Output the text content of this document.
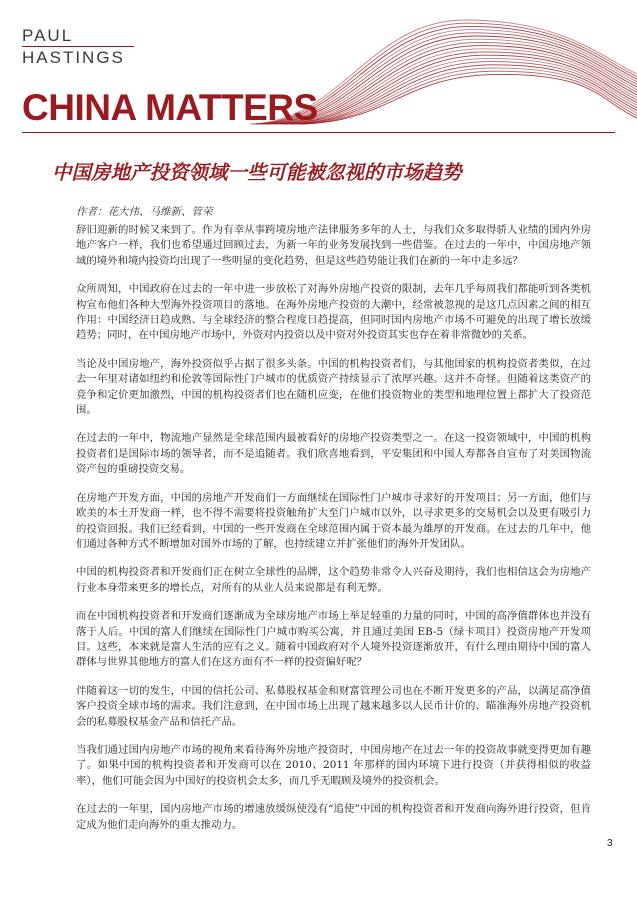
PAUL
HASTINGS
CHINA MATTERS
中国房地产投资领域一些可能被忽视的市场趋势
作者：花大伟、马维新、管荣

辞旧迎新的时候又来到了。作为有幸从事跨境房地产法律服务多年的人士，与我们众多取得骄人业绩的国内外房地产客户一样，我们也希望通过回顾过去，为新一年的业务发展找到一些借鉴。在过去的一年中，中国房地产领域的境外和境内投资均出现了一些明显的变化趋势，但是这些趋势能让我们在新的一年中走多远？

众所周知，中国政府在过去的一年中进一步放松了对海外房地产投资的限制，去年几乎每周我们都能听到各类机构宣布他们各种大型海外投资项目的落地。在海外房地产投资的大潮中，经常被忽视的是这几点因素之间的相互作用：中国经济日趋成熟、与全球经济的整合程度日趋提高，但同时国内房地产市场不可避免的出现了增长放缓趋势；同时，在中国房地产市场中，外资对内投资以及中资对外投资其实也存在着非常微妙的关系。

当论及中国房地产，海外投资似乎占据了很多头条。中国的机构投资者们，与其他国家的机构投资者类似，在过去一年里对诸如纽约和伦敦等国际性门户城市的优质资产持续显示了浓厚兴趣。这并不奇怪。但随着这类资产的竞争和定价更加激烈，中国的机构投资者们也在随机应变，在他们投资物业的类型和地理位置上都扩大了投资范围。

在过去的一年中，物流地产显然是全球范围内最被看好的房地产投资类型之一。在这一投资领域中，中国的机构投资者们是国际市场的领导者，而不是追随者。我们欣喜地看到，平安集团和中国人寿都各自宣布了对美国物流资产包的重磅投资交易。

在房地产开发方面，中国的房地产开发商们一方面继续在国际性门户城市寻求好的开发项目；另一方面，他们与欧美的本土开发商一样，也不得不需要将投资触角扩大至门户城市以外，以寻求更多的交易机会以及更有吸引力的投资回报。我们已经看到，中国的一些开发商在全球范围内属于资本最为雄厚的开发商。在过去的几年中，他们通过各种方式不断增加对国外市场的了解，也持续建立并扩张他们的海外开发团队。

中国的机构投资者和开发商们正在树立全球性的品牌，这个趋势非常令人兴奋及期待，我们也相信这会为房地产行业本身带来更多的增长点，对所有的从业人员来说都是有利无弊。

而在中国机构投资者和开发商们逐渐成为全球房地产市场上举足轻重的力量的同时，中国的高净值群体也并没有落于人后。中国的富人们继续在国际性门户城市购买公寓，并且通过美国 EB-5（绿卡项目）投资房地产开发项目。这些，本来就是富人生活的应有之义。随着中国政府对个人境外投资逐渐放开，有什么理由期待中国的富人群体与世界其他地方的富人们在这方面有不一样的投资偏好呢？

伴随着这一切的发生，中国的信托公司、私募股权基金和财富管理公司也在不断开发更多的产品，以满足高净值客户投资全球市场的需求。我们注意到，在中国市场上出现了越来越多以人民币计价的、瞄准海外房地产投资机会的私募股权基金产品和信托产品。

当我们通过国内房地产市场的视角来看待海外房地产投资时，中国房地产在过去一年的投资故事就变得更加有趣了。如果中国的机构投资者和开发商可以在 2010、2011 年那样的国内环境下进行投资（并获得相似的收益率），他们可能会因为中国好的投资机会太多，而几乎无暇顾及境外的投资机会。

在过去的一年里，国内房地产市场的增速放缓纵使没有“追使”中国的机构投资者和开发商向海外进行投资，但肯定成为他们走向海外的重大推动力。

3
